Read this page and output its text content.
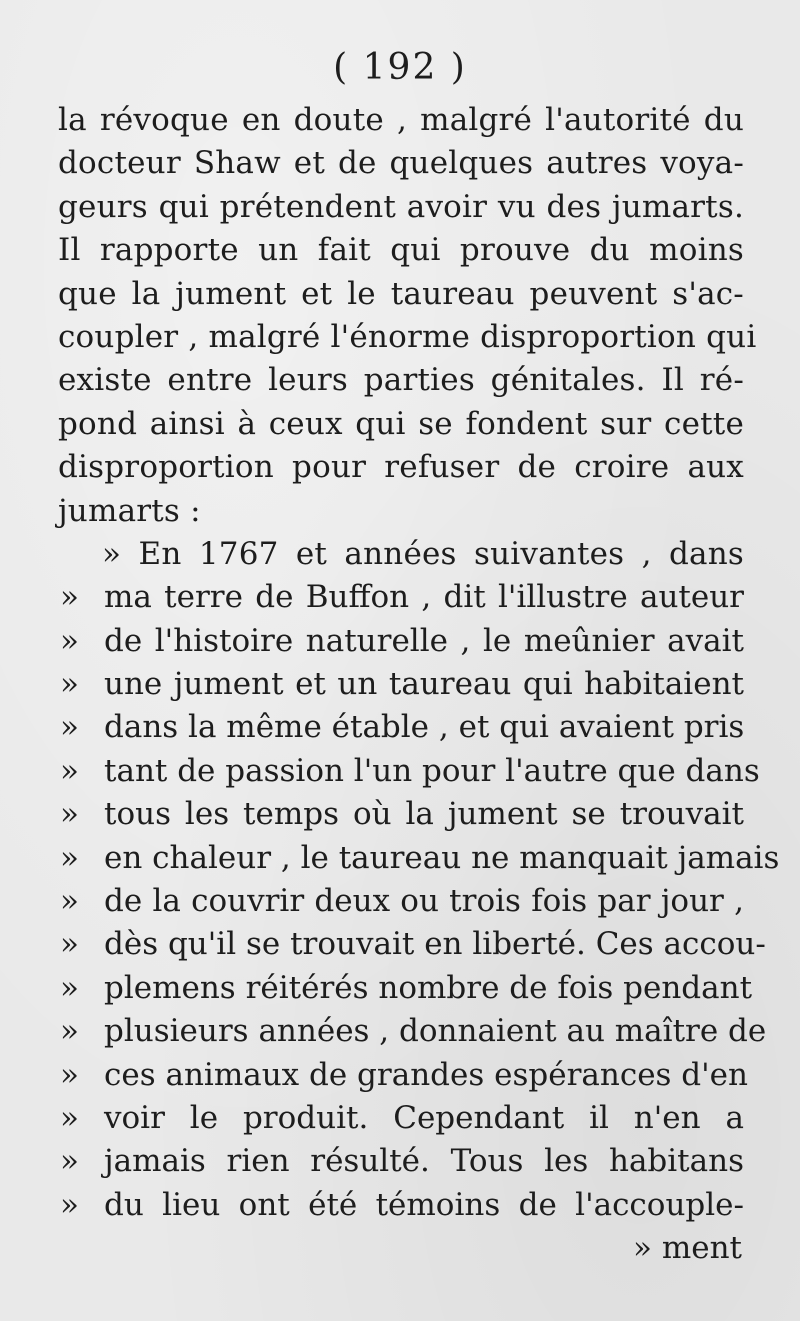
( 192 )
la révoque en doute , malgré l'autorité du
docteur Shaw et de quelques autres voya-
geurs qui prétendent avoir vu des jumarts.
Il rapporte un fait qui prouve du moins
que la jument et le taureau peuvent s'ac-
coupler , malgré l'énorme disproportion qui
existe entre leurs parties génitales. Il ré-
pond ainsi à ceux qui se fondent sur cette
disproportion pour refuser de croire aux
jumarts :
» En 1767 et années suivantes , dans
» ma terre de Buffon , dit l'illustre auteur
» de l'histoire naturelle , le meûnier avait
» une jument et un taureau qui habitaient
» dans la même étable , et qui avaient pris
» tant de passion l'un pour l'autre que dans
» tous les temps où la jument se trouvait
» en chaleur , le taureau ne manquait jamais
» de la couvrir deux ou trois fois par jour ,
» dès qu'il se trouvait en liberté. Ces accou-
» plemens réitérés nombre de fois pendant
» plusieurs années , donnaient au maître de
» ces animaux de grandes espérances d'en
» voir le produit. Cependant il n'en a
» jamais rien résulté. Tous les habitans
» du lieu ont été témoins de l'accouple-
» ment
